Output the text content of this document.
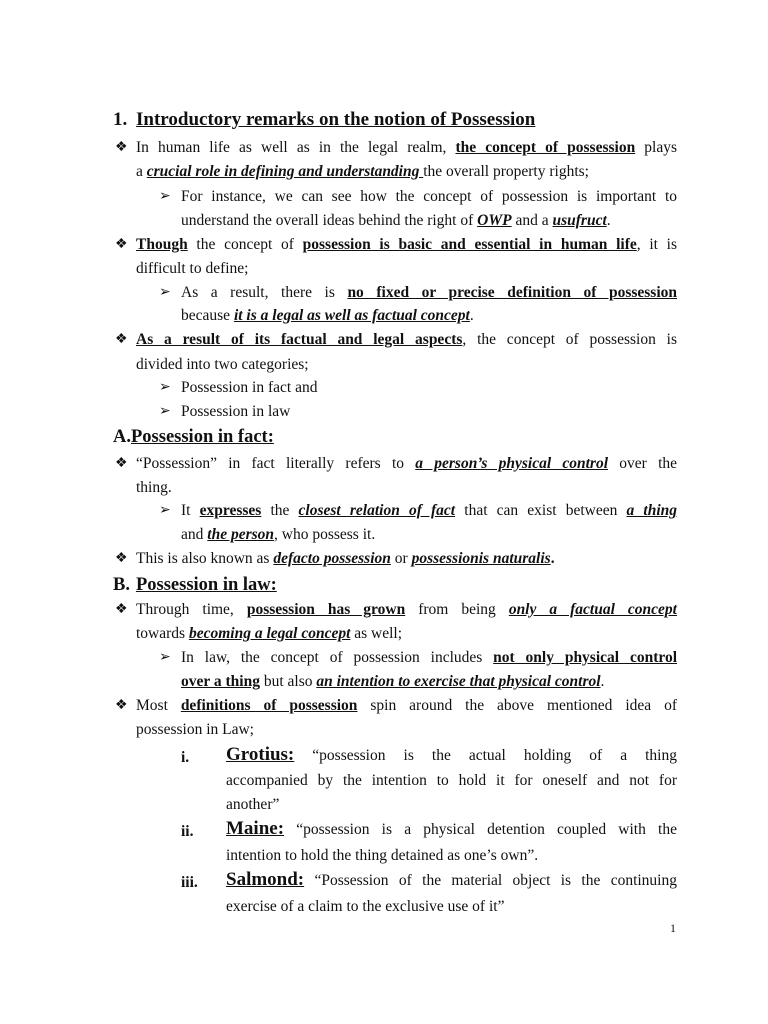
1. Introductory remarks on the notion of Possession
❖ In human life as well as in the legal realm, the concept of possession plays
a crucial role in defining and understanding the overall property rights;
➢ For instance, we can see how the concept of possession is important to
understand the overall ideas behind the right of OWP and a usufruct.
❖ Though the concept of possession is basic and essential in human life, it is
difficult to define;
➢ As a result, there is no fixed or precise definition of possession
because it is a legal as well as factual concept.
❖ As a result of its factual and legal aspects, the concept of possession is
divided into two categories;
➢ Possession in fact and
➢ Possession in law
A.Possession in fact:
❖ “Possession” in fact literally refers to a person’s physical control over the
thing.
➢ It expresses the closest relation of fact that can exist between a thing
and the person, who possess it.
❖ This is also known as defacto possession or possessionis naturalis.
B. Possession in law:
❖ Through time, possession has grown from being only a factual concept
towards becoming a legal concept as well;
➢ In law, the concept of possession includes not only physical control
over a thing but also an intention to exercise that physical control.
❖ Most definitions of possession spin around the above mentioned idea of
possession in Law;
i. Grotius: “possession is the actual holding of a thing
accompanied by the intention to hold it for oneself and not for
another”
ii. Maine: “possession is a physical detention coupled with the
intention to hold the thing detained as one’s own”.
iii. Salmond: “Possession of the material object is the continuing
exercise of a claim to the exclusive use of it”
1
